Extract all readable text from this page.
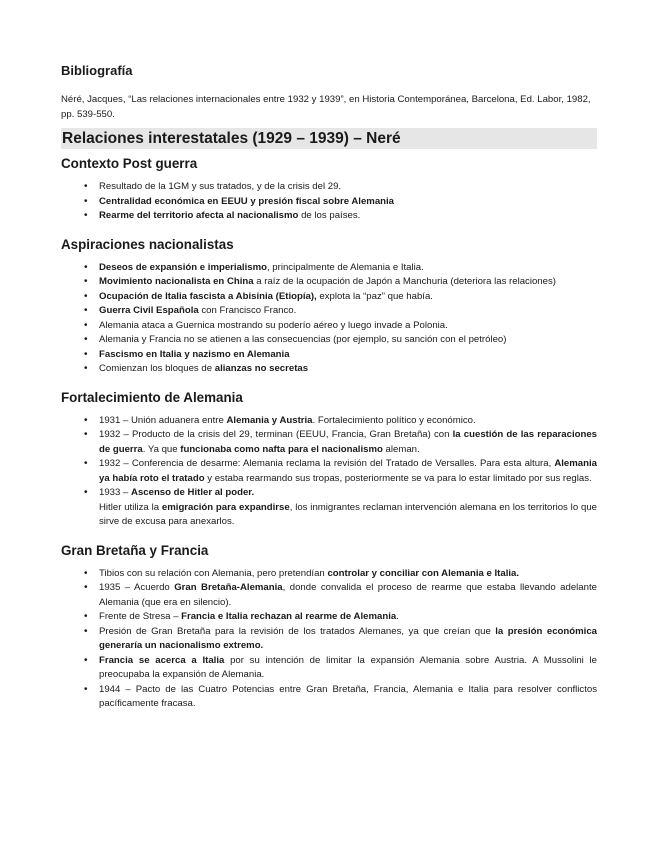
Bibliografía

Néré, Jacques, “Las relaciones internacionales entre 1932 y 1939”, en Historia Contemporánea, Barcelona, Ed. Labor, 1982, pp. 539-550.

Relaciones interestatales (1929 – 1939) – Neré
Contexto Post guerra
• Resultado de la 1GM y sus tratados, y de la crisis del 29.
• Centralidad económica en EEUU y presión fiscal sobre Alemania
• Rearme del territorio afecta al nacionalismo de los países.
Aspiraciones nacionalistas
• Deseos de expansión e imperialismo, principalmente de Alemania e Italia.
• Movimiento nacionalista en China a raíz de la ocupación de Japón a Manchuria (deteriora las relaciones)
• Ocupación de Italia fascista a Abisinia (Etiopía), explota la “paz” que había.
• Guerra Civil Española con Francisco Franco.
• Alemania ataca a Guernica mostrando su poderío aéreo y luego invade a Polonia.
• Alemania y Francia no se atienen a las consecuencias (por ejemplo, su sanción con el petróleo)
• Fascismo en Italia y nazismo en Alemania
• Comienzan los bloques de alianzas no secretas
Fortalecimiento de Alemania
• 1931 – Unión aduanera entre Alemania y Austria. Fortalecimiento político y económico.
• 1932 – Producto de la crisis del 29, terminan (EEUU, Francia, Gran Bretaña) con la cuestión de las reparaciones de guerra. Ya que funcionaba como nafta para el nacionalismo aleman.
• 1932 – Conferencia de desarme: Alemania reclama la revisión del Tratado de Versalles. Para esta altura, Alemania ya había roto el tratado y estaba rearmando sus tropas, posteriormente se va para lo estar limitado por sus reglas.
• 1933 – Ascenso de Hitler al poder.
Hitler utiliza la emigración para expandirse, los inmigrantes reclaman intervención alemana en los territorios lo que sirve de excusa para anexarlos.
Gran Bretaña y Francia
• Tibios con su relación con Alemania, pero pretendían controlar y conciliar con Alemania e Italia.
• 1935 – Acuerdo Gran Bretaña-Alemania, donde convalida el proceso de rearme que estaba llevando adelante Alemania (que era en silencio).
• Frente de Stresa – Francia e Italia rechazan al rearme de Alemania.
• Presión de Gran Bretaña para la revisión de los tratados Alemanes, ya que creían que la presión económica generaría un nacionalismo extremo.
• Francia se acerca a Italia por su intención de limitar la expansión Alemania sobre Austria. A Mussolini le preocupaba la expansión de Alemania.
• 1944 – Pacto de las Cuatro Potencias entre Gran Bretaña, Francia, Alemania e Italia para resolver conflictos pacíficamente fracasa.
